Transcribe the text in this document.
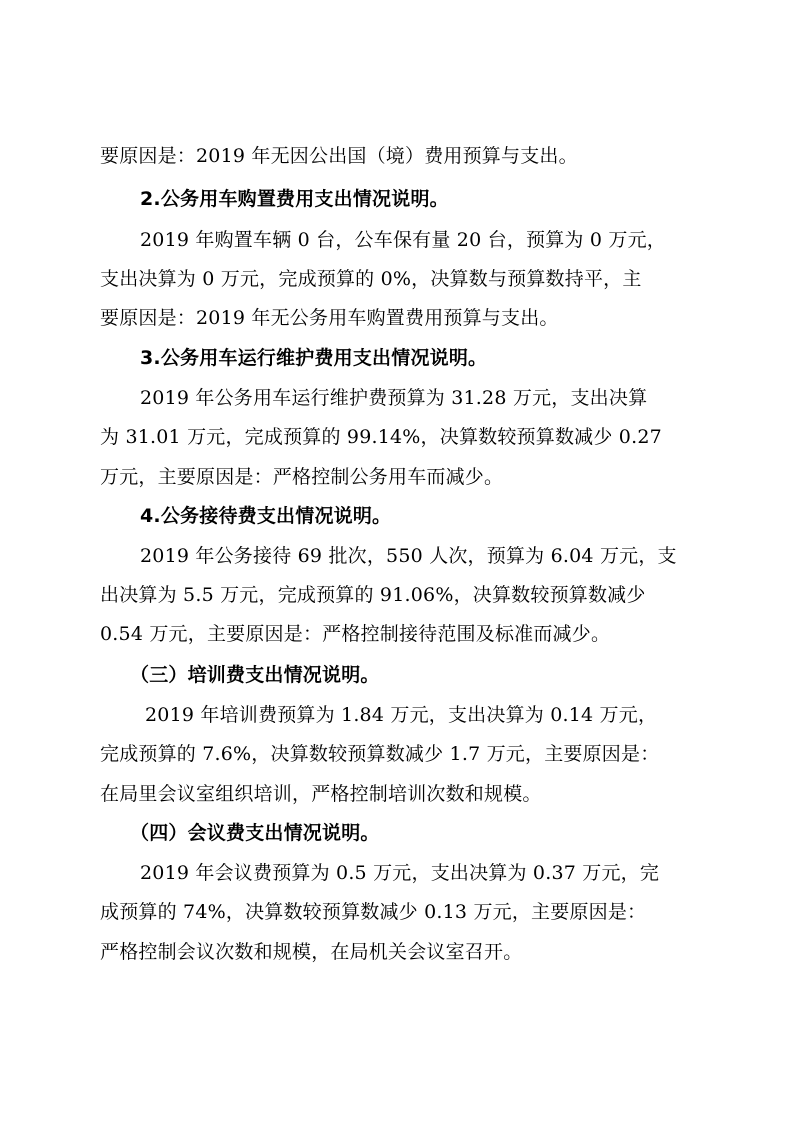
要原因是：2019 年无因公出国（境）费用预算与支出。
2.公务用车购置费用支出情况说明。
2019 年购置车辆 0 台，公车保有量 20 台，预算为 0 万元，
支出决算为 0 万元，完成预算的 0%，决算数与预算数持平，主
要原因是：2019 年无公务用车购置费用预算与支出。
3.公务用车运行维护费用支出情况说明。
2019 年公务用车运行维护费预算为 31.28 万元，支出决算
为 31.01 万元，完成预算的 99.14%，决算数较预算数减少 0.27
万元，主要原因是：严格控制公务用车而减少。
4.公务接待费支出情况说明。
2019 年公务接待 69 批次，550 人次，预算为 6.04 万元，支
出决算为 5.5 万元，完成预算的 91.06%，决算数较预算数减少
0.54 万元，主要原因是：严格控制接待范围及标准而减少。
（三）培训费支出情况说明。
2019 年培训费预算为 1.84 万元，支出决算为 0.14 万元，
完成预算的 7.6%，决算数较预算数减少 1.7 万元，主要原因是：
在局里会议室组织培训，严格控制培训次数和规模。
（四）会议费支出情况说明。
2019 年会议费预算为 0.5 万元，支出决算为 0.37 万元，完
成预算的 74%，决算数较预算数减少 0.13 万元，主要原因是：
严格控制会议次数和规模，在局机关会议室召开。
